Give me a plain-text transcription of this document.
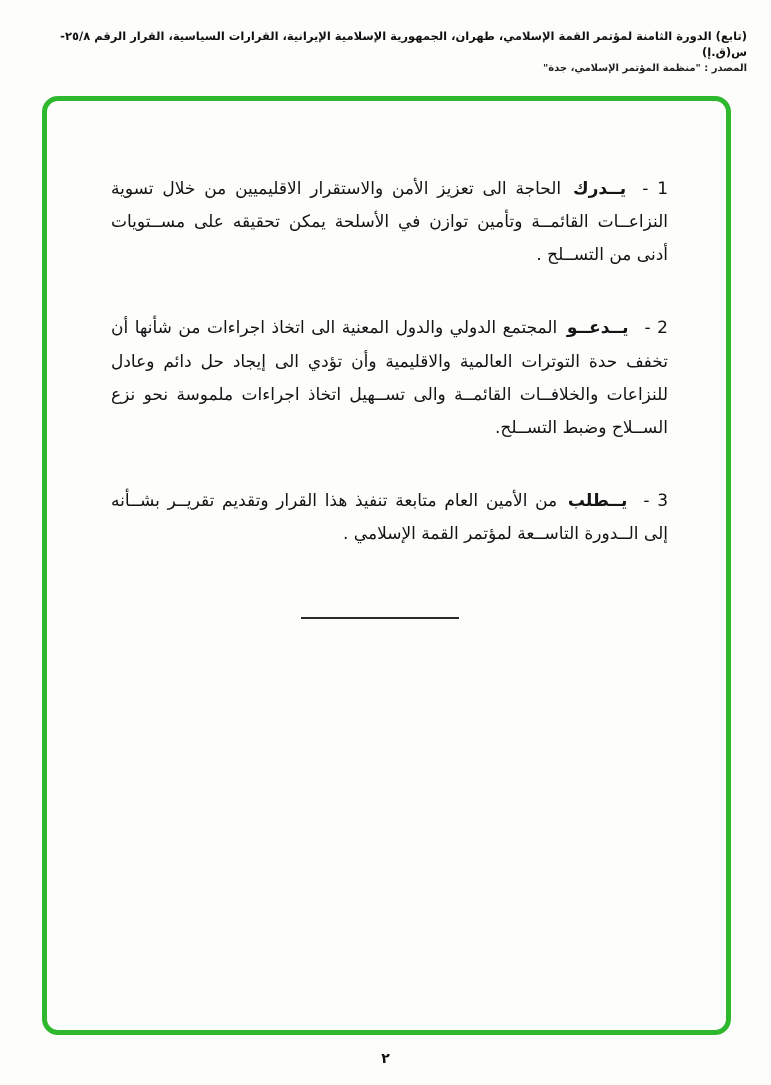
(تابع) الدورة الثامنة لمؤتمر القمة الإسلامي، طهران، الجمهورية الإسلامية الإيرانية، القرارات السياسية، القرار الرقم ٢٥/٨-س(ق.إ)
المصدر : "منظمة المؤتمر الإسلامي، جدة"

1 -يــدرك الحاجة الى تعزيز الأمن والاستقرار الاقليميين من خلال تسوية النزاعــات القائمــة وتأمين توازن في الأسلحة يمكن تحقيقه على مســتويات أدنى من التســلح .

2 -يــدعــو المجتمع الدولي والدول المعنية الى اتخاذ اجراءات من شأنها أن تخفف حدة التوترات العالمية والاقليمية وأن تؤدي الى إيجاد حل دائم وعادل للنزاعات والخلافــات القائمــة والى تســهيل اتخاذ اجراءات ملموسة نحو نزع الســلاح وضبط التســلح.

3 -يــطلب من الأمين العام متابعة تنفيذ هذا القرار وتقديم تقريــر بشــأنه إلى الــدورة التاســعة لمؤتمر القمة الإسلامي .

٢
